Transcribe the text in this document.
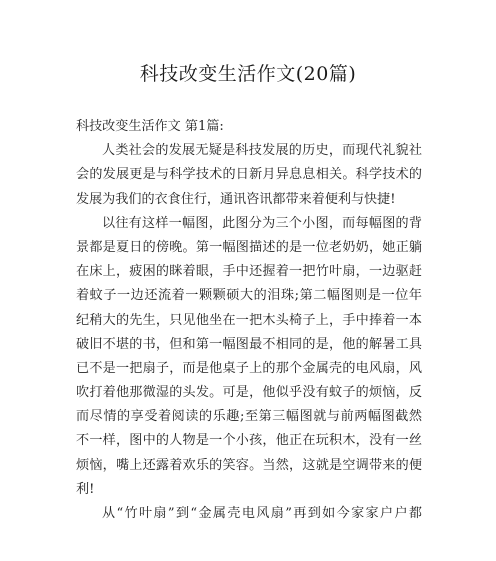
科技改变生活作文(20篇)
科技改变生活作文 第1篇:
人类社会的发展无疑是科技发展的历史，而现代礼貌社
会的发展更是与科学技术的日新月异息息相关。科学技术的
发展为我们的衣食住行，通讯咨讯都带来着便利与快捷!
以往有这样一幅图，此图分为三个小图，而每幅图的背
景都是夏日的傍晚。第一幅图描述的是一位老奶奶，她正躺
在床上，疲困的眯着眼，手中还握着一把竹叶扇，一边驱赶
着蚊子一边还流着一颗颗硕大的泪珠;第二幅图则是一位年
纪稍大的先生，只见他坐在一把木头椅子上，手中捧着一本
破旧不堪的书，但和第一幅图最不相同的是，他的解暑工具
已不是一把扇子，而是他桌子上的那个金属壳的电风扇，风
吹打着他那微湿的头发。可是，他似乎没有蚊子的烦恼，反
而尽情的享受着阅读的乐趣;至第三幅图就与前两幅图截然
不一样，图中的人物是一个小孩，他正在玩积木，没有一丝
烦恼，嘴上还露着欢乐的笑容。当然，这就是空调带来的便
利!
从“竹叶扇”到“金属壳电风扇”再到如今家家户户都
